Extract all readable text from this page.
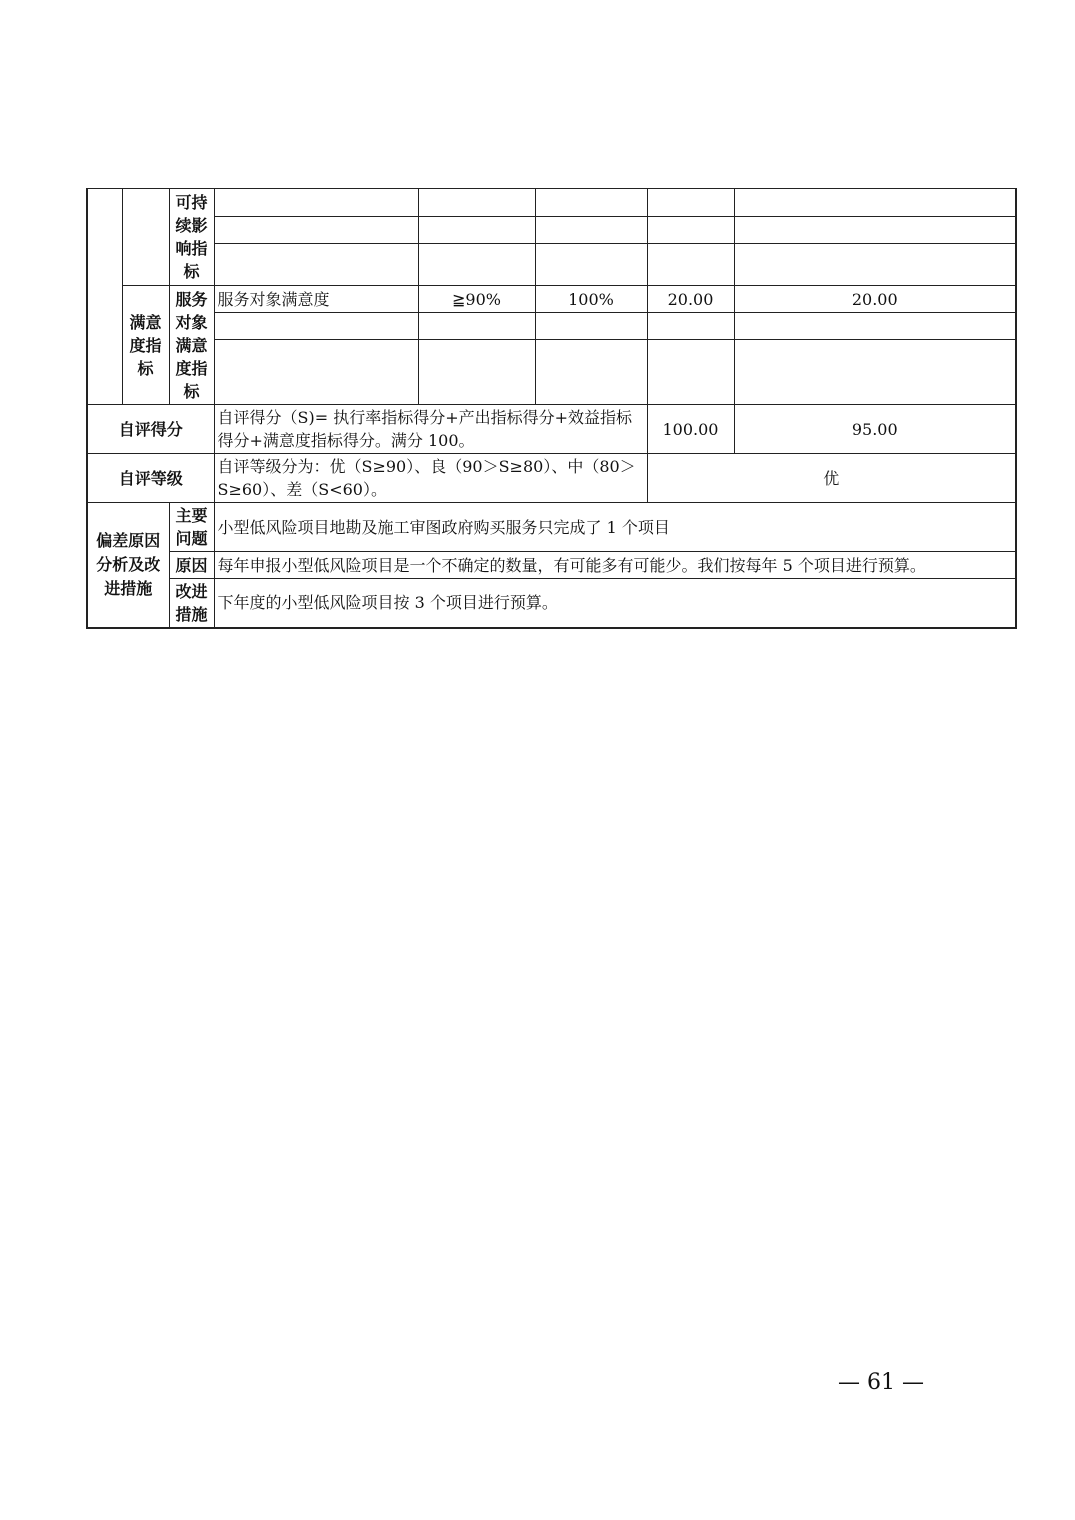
		可持续影响指标					

	满意度指标	服务对象满意度指标	服务对象满意度	≧90%	100%	20.00	20.00

自评得分			自评得分（S)= 执行率指标得分+产出指标得分+效益指标得分+满意度指标得分。满分 100。			100.00	95.00
自评等级			自评等级分为：优（S≥90）、良（90＞S≥80）、中（80＞S≥60）、差（S<60）。			优	
偏差原因分析及改进措施		主要问题	小型低风险项目地勘及施工审图政府购买服务只完成了 1 个项目				
		原因	每年申报小型低风险项目是一个不确定的数量，有可能多有可能少。我们按每年 5 个项目进行预算。				
		改进措施	下年度的小型低风险项目按 3 个项目进行预算。				
— 61 —
